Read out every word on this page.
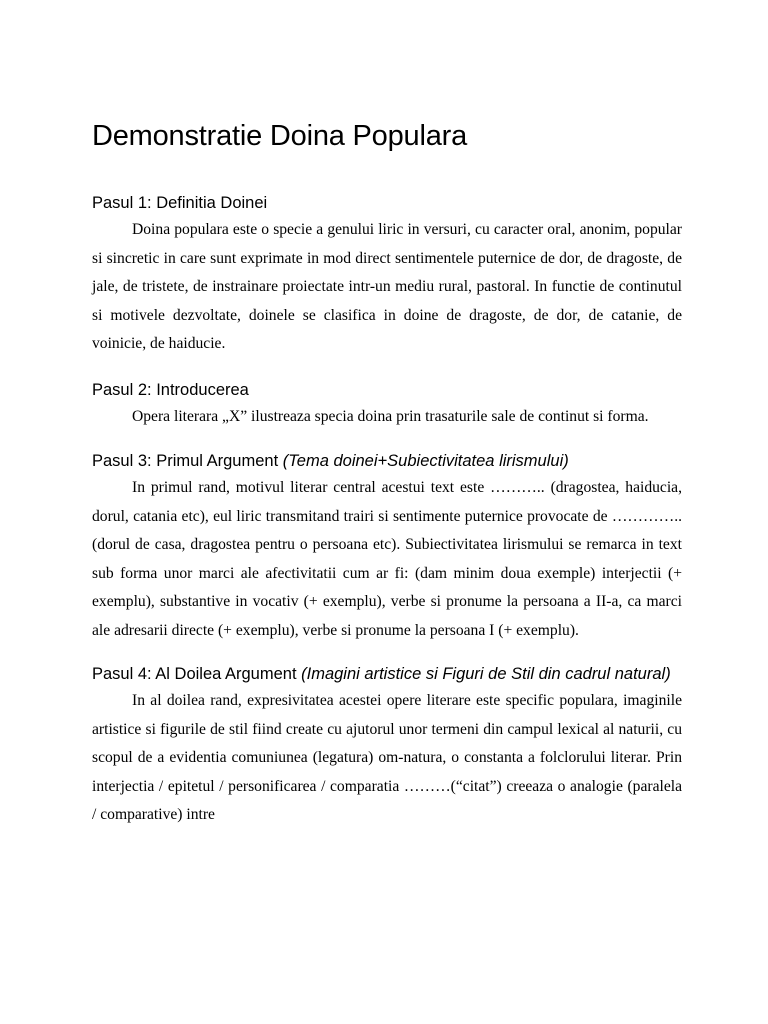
Demonstratie Doina Populara
Pasul 1: Definitia Doinei

Doina populara este o specie a genului liric in versuri, cu caracter oral, anonim, popular si sincretic in care sunt exprimate in mod direct sentimentele puternice de dor, de dragoste, de jale, de tristete, de instrainare proiectate intr-un mediu rural, pastoral. In functie de continutul si motivele dezvoltate, doinele se clasifica in doine de dragoste, de dor, de catanie, de voinicie, de haiducie.

Pasul 2: Introducerea

Opera literara „X” ilustreaza specia doina prin trasaturile sale de continut si forma.

Pasul 3: Primul Argument (Tema doinei+Subiectivitatea lirismului)

In primul rand, motivul literar central acestui text este ……….. (dragostea, haiducia, dorul, catania etc), eul liric transmitand trairi si sentimente puternice provocate de ………….. (dorul de casa, dragostea pentru o persoana etc). Subiectivitatea lirismului se remarca in text sub forma unor marci ale afectivitatii cum ar fi: (dam minim doua exemple) interjectii (+ exemplu), substantive in vocativ (+ exemplu), verbe si pronume la persoana a II-a, ca marci ale adresarii directe (+ exemplu), verbe si pronume la persoana I (+ exemplu).

Pasul 4: Al Doilea Argument (Imagini artistice si Figuri de Stil din cadrul natural)

In al doilea rand, expresivitatea acestei opere literare este specific populara, imaginile artistice si figurile de stil fiind create cu ajutorul unor termeni din campul lexical al naturii, cu scopul de a evidentia comuniunea (legatura) om-natura, o constanta a folclorului literar. Prin interjectia / epitetul / personificarea / comparatia ………(“citat”) creeaza o analogie (paralela / comparative) intre
